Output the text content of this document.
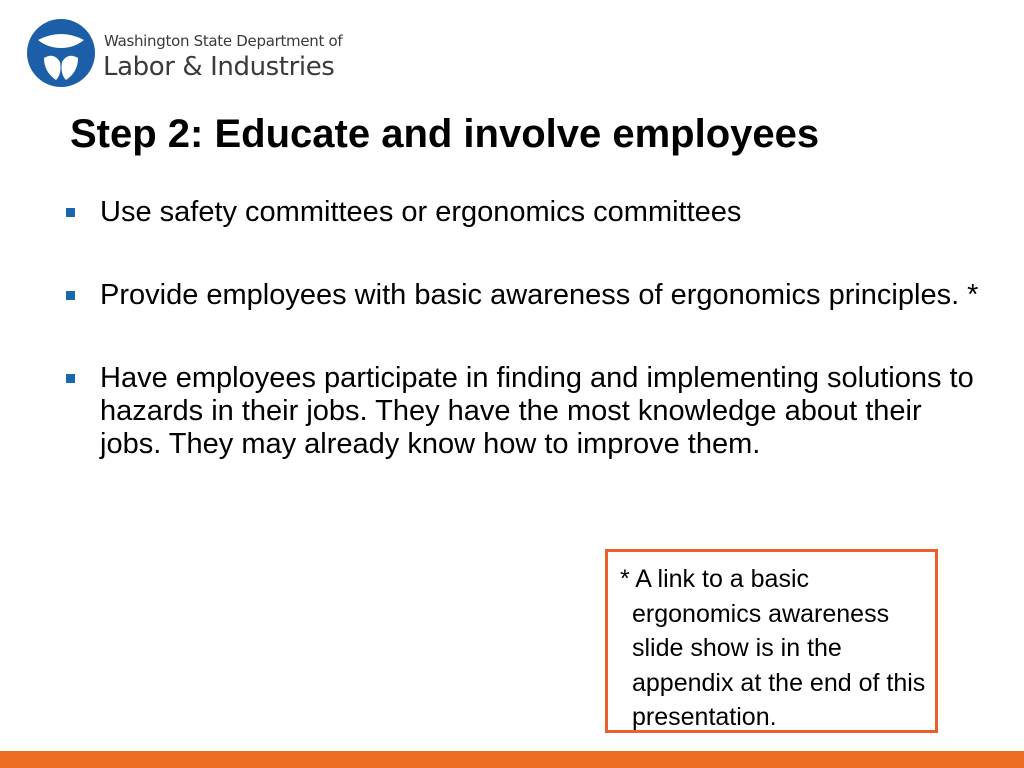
Washington State Department of
Labor & Industries
Step 2: Educate and involve employees
Use safety committees or ergonomics committees
Provide employees with basic awareness of ergonomics principles. *
Have employees participate in finding and implementing solutions to hazards in their jobs. They have the most knowledge about their jobs. They may already know how to improve them.

* A link to a basic ergonomics awareness slide show is in the appendix at the end of this presentation.
